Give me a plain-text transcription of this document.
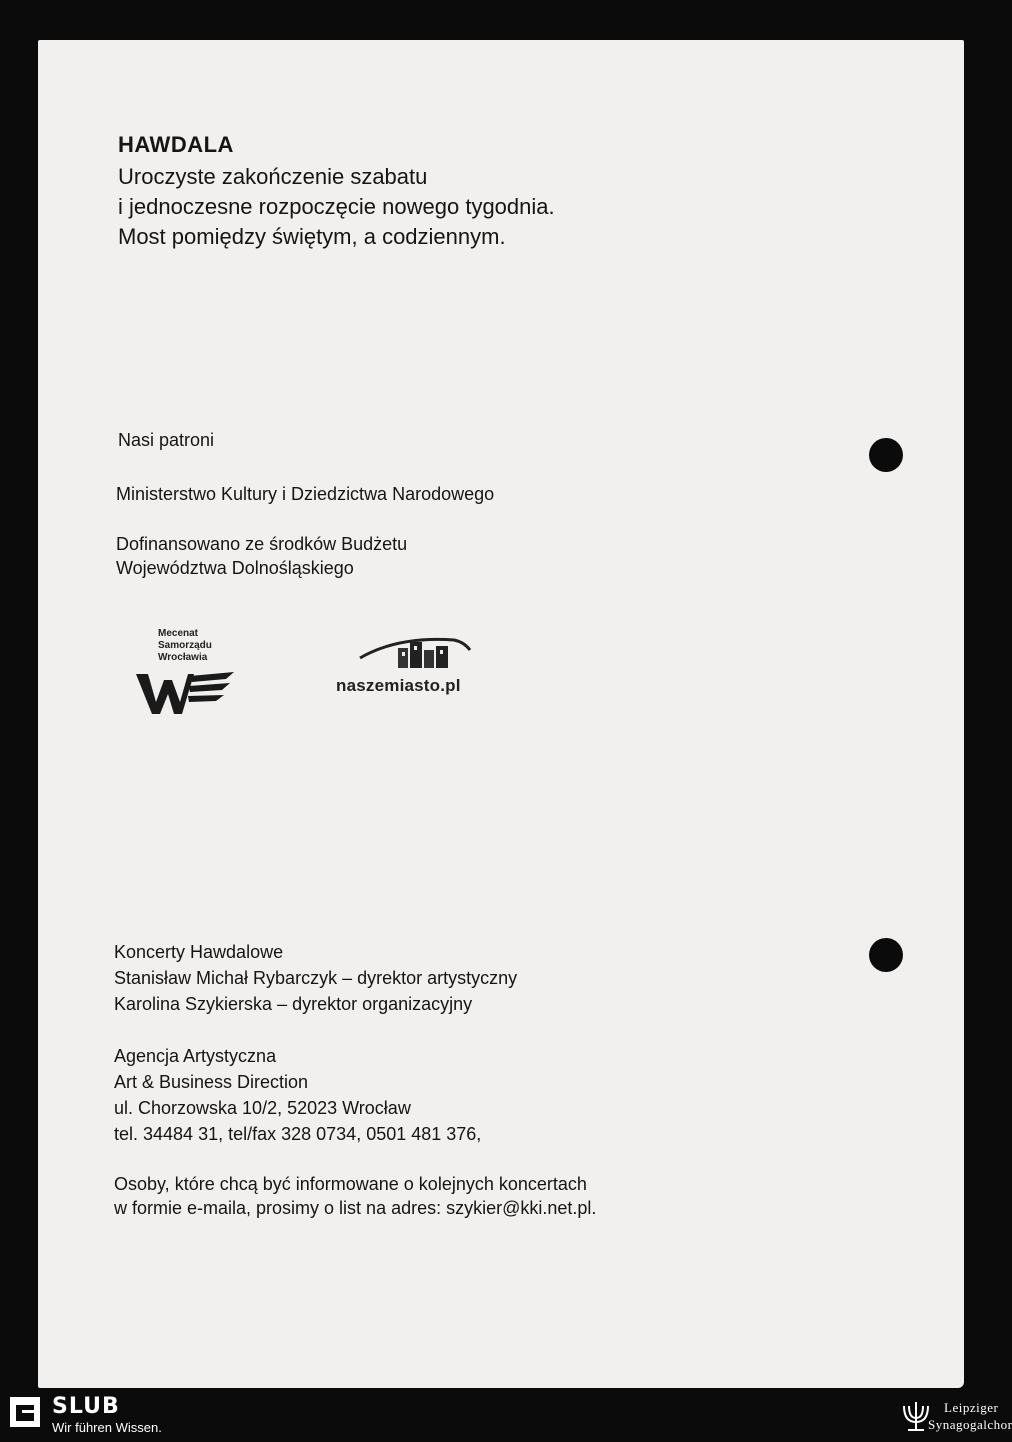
HAWDALA
Uroczyste zakończenie szabatu
i jednoczesne rozpoczęcie nowego tygodnia.
Most pomiędzy świętym, a codziennym.
Nasi patroni
Ministerstwo Kultury i Dziedzictwa Narodowego
Dofinansowano ze środków Budżetu
Województwa Dolnośląskiego
Mecenat
Samorządu
Wrocławia
naszemiasto.pl
Koncerty Hawdalowe
Stanisław Michał Rybarczyk – dyrektor artystyczny
Karolina Szykierska – dyrektor organizacyjny
Agencja Artystyczna
Art & Business Direction
ul. Chorzowska 10/2, 52023 Wrocław
tel. 34484 31, tel/fax 328 0734, 0501 481 376,
Osoby, które chcą być informowane o kolejnych koncertach
w formie e-maila, prosimy o list na adres: szykier@kki.net.pl.
SLUB
Wir führen Wissen.
Leipziger
Synagogalchor
